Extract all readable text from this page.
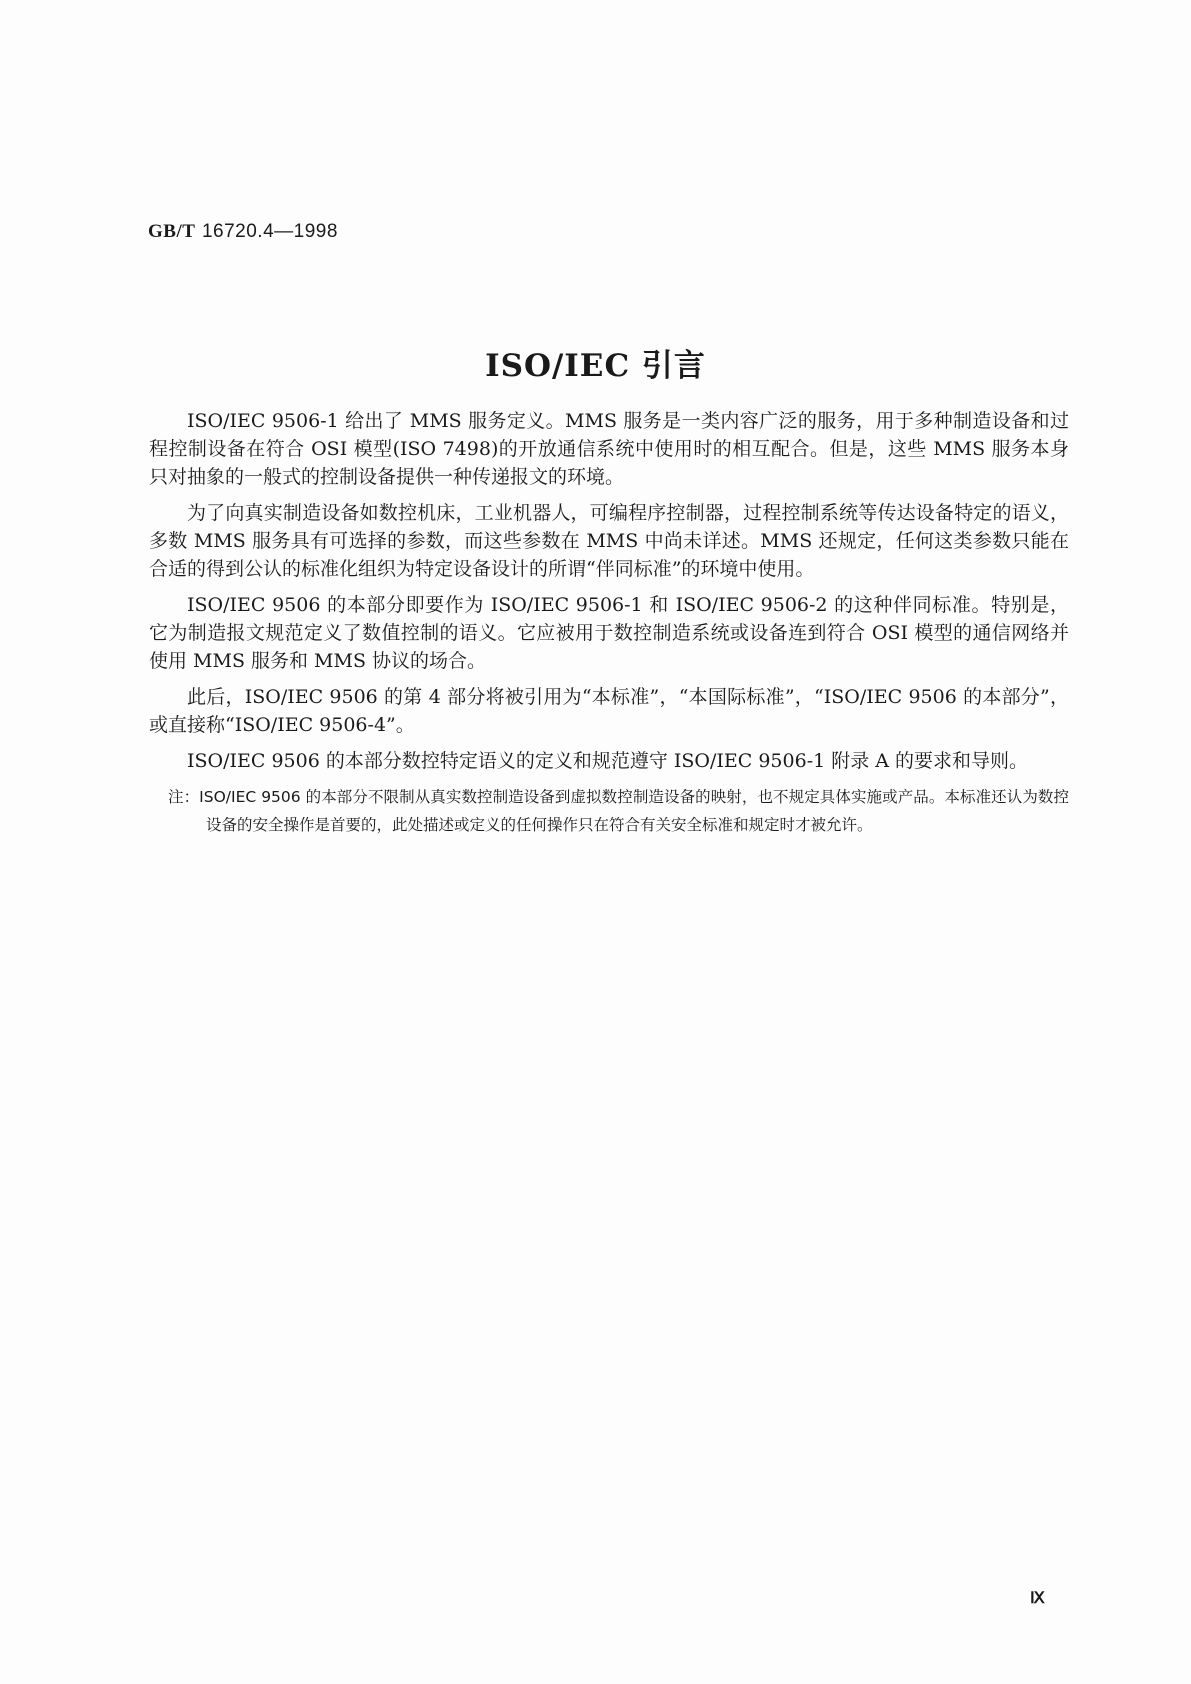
GB/T 16720.4—1998
ISO/IEC 引言

ISO/IEC 9506-1 给出了 MMS 服务定义。MMS 服务是一类内容广泛的服务，用于多种制造设备和过程控制设备在符合 OSI 模型(ISO 7498)的开放通信系统中使用时的相互配合。但是，这些 MMS 服务本身只对抽象的一般式的控制设备提供一种传递报文的环境。

为了向真实制造设备如数控机床，工业机器人，可编程序控制器，过程控制系统等传达设备特定的语义，多数 MMS 服务具有可选择的参数，而这些参数在 MMS 中尚未详述。MMS 还规定，任何这类参数只能在合适的得到公认的标准化组织为特定设备设计的所谓“伴同标准”的环境中使用。

ISO/IEC 9506 的本部分即要作为 ISO/IEC 9506-1 和 ISO/IEC 9506-2 的这种伴同标准。特别是，它为制造报文规范定义了数值控制的语义。它应被用于数控制造系统或设备连到符合 OSI 模型的通信网络并使用 MMS 服务和 MMS 协议的场合。

此后，ISO/IEC 9506 的第 4 部分将被引用为“本标准”，“本国际标准”，“ISO/IEC 9506 的本部分”，或直接称“ISO/IEC 9506-4”。

ISO/IEC 9506 的本部分数控特定语义的定义和规范遵守 ISO/IEC 9506-1 附录 A 的要求和导则。

注：ISO/IEC 9506 的本部分不限制从真实数控制造设备到虚拟数控制造设备的映射，也不规定具体实施或产品。本标准还认为数控设备的安全操作是首要的，此处描述或定义的任何操作只在符合有关安全标准和规定时才被允许。
Ⅸ
